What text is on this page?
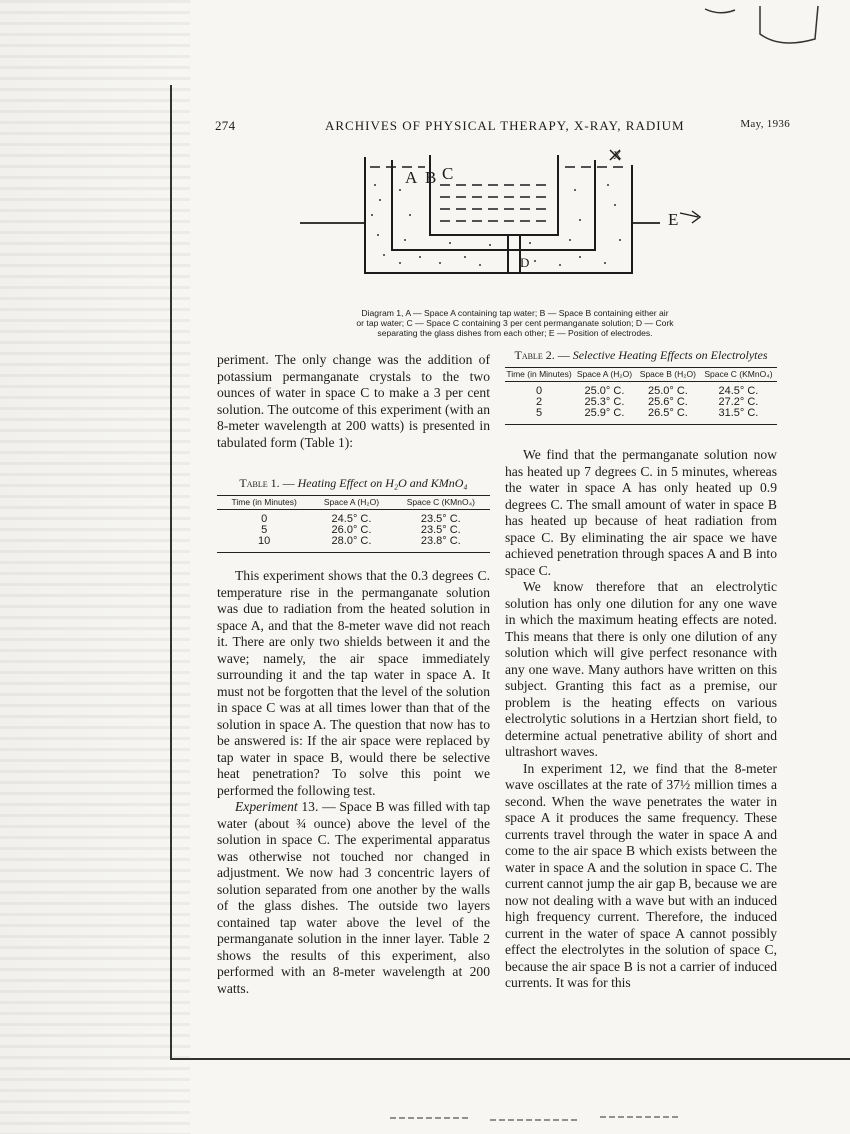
274	ARCHIVES OF PHYSICAL THERAPY, X-RAY, RADIUM	May, 1936
A B C
D
E
X
Diagram 1, A — Space A containing tap water; B — Space B containing either air
or tap water; C — Space C containing 3 per cent permanganate solution; D — Cork
separating the glass dishes from each other; E — Position of electrodes.

periment. The only change was the addition of potassium permanganate crystals to the two ounces of water in space C to make a 3 per cent solution. The outcome of this experiment (with an 8-meter wavelength at 200 watts) is presented in tabulated form (Table 1):

Table 1. — Heating Effect on H₂O and KMnO₄
Time (in Minutes)	Space A (H₂O)	Space C (KMnO₄)
0	24.5° C.	23.5° C.
5	26.0° C.	23.5° C.
10	28.0° C.	23.8° C.

This experiment shows that the 0.3 degrees C. temperature rise in the permanganate solution was due to radiation from the heated solution in space A, and that the 8-meter wave did not reach it. There are only two shields between it and the wave; namely, the air space immediately surrounding it and the tap water in space A. It must not be forgotten that the level of the solution in space C was at all times lower than that of the solution in space A. The question that now has to be answered is: If the air space were replaced by tap water in space B, would there be selective heat penetration? To solve this point we performed the following test.

Experiment 13. — Space B was filled with tap water (about ¾ ounce) above the level of the solution in space C. The experimental apparatus was otherwise not touched nor changed in adjustment. We now had 3 concentric layers of solution separated from one another by the walls of the glass dishes. The outside two layers contained tap water above the level of the permanganate solution in the inner layer. Table 2 shows the results of this experiment, also performed with an 8-meter wavelength at 200 watts.

Table 2. — Selective Heating Effects on Electrolytes
Time (in Minutes)	Space A (H₂O)	Space B (H₂O)	Space C (KMnO₄)
0	25.0° C.	25.0° C.	24.5° C.
2	25.3° C.	25.6° C.	27.2° C.
5	25.9° C.	26.5° C.	31.5° C.

We find that the permanganate solution now has heated up 7 degrees C. in 5 minutes, whereas the water in space A has only heated up 0.9 degrees C. The small amount of water in space B has heated up because of heat radiation from space C. By eliminating the air space we have achieved penetration through spaces A and B into space C.

We know therefore that an electrolytic solution has only one dilution for any one wave in which the maximum heating effects are noted. This means that there is only one dilution of any solution which will give perfect resonance with any one wave. Many authors have written on this subject. Granting this fact as a premise, our problem is the heating effects on various electrolytic solutions in a Hertzian short field, to determine actual penetrative ability of short and ultrashort waves.

In experiment 12, we find that the 8-meter wave oscillates at the rate of 37½ million times a second. When the wave penetrates the water in space A it produces the same frequency. These currents travel through the water in space A and come to the air space B which exists between the water in space A and the solution in space C. The current cannot jump the air gap B, because we are now not dealing with a wave but with an induced high frequency current. Therefore, the induced current in the water of space A cannot possibly effect the electrolytes in the solution of space C, because the air space B is not a carrier of induced currents. It was for this
